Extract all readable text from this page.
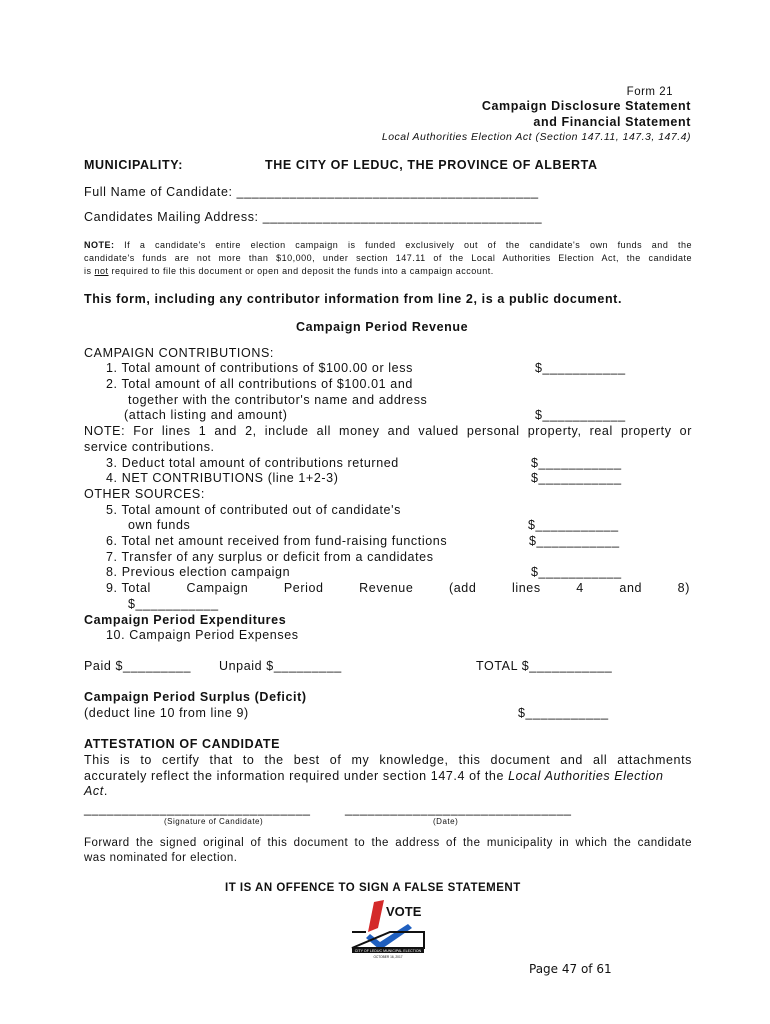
Form 21
Campaign Disclosure Statement
and Financial Statement
Local Authorities Election Act (Section 147.11, 147.3, 147.4)
MUNICIPALITY:	THE CITY OF LEDUC, THE PROVINCE OF ALBERTA
Full Name of Candidate: ________________________________________
Candidates Mailing Address: _____________________________________
NOTE: If a candidate's entire election campaign is funded exclusively out of the candidate's own funds and the
candidate's funds are not more than $10,000, under section 147.11 of the Local Authorities Election Act, the candidate
is not required to file this document or open and deposit the funds into a campaign account.
This form, including any contributor information from line 2, is a public document.
Campaign Period Revenue
CAMPAIGN CONTRIBUTIONS:
1. Total amount of contributions of $100.00 or less	$___________
2. Total amount of all contributions of $100.01 and
together with the contributor's name and address
(attach listing and amount)	$___________
NOTE: For lines 1 and 2, include all money and valued personal property, real property or
service contributions.
3. Deduct total amount of contributions returned	$___________
4. NET CONTRIBUTIONS (line 1+2-3)	$___________
OTHER SOURCES:
5. Total amount of contributed out of candidate's
own funds	$___________
6. Total net amount received from fund-raising functions	$___________
7. Transfer of any surplus or deficit from a candidates
8. Previous election campaign	$___________
9. Total	Campaign	Period	Revenue	(add	lines	4	and	8)
$___________
Campaign Period Expenditures
10. Campaign Period Expenses
Paid $_________ Unpaid $_________	TOTAL $___________
Campaign Period Surplus (Deficit)
(deduct line 10 from line 9)	$___________
ATTESTATION OF CANDIDATE
This is to certify that to the best of my knowledge, this document and all attachments
accurately reflect the information required under section 147.4 of the Local Authorities Election
Act.
______________________________
(Signature of Candidate)
______________________________
(Date)
Forward the signed original of this document to the address of the municipality in which the candidate
was nominated for election.
IT IS AN OFFENCE TO SIGN A FALSE STATEMENT
VOTE
CITY OF LEDUC MUNICIPAL ELECTION
OCTOBER 16, 2017
Page 47 of 61
